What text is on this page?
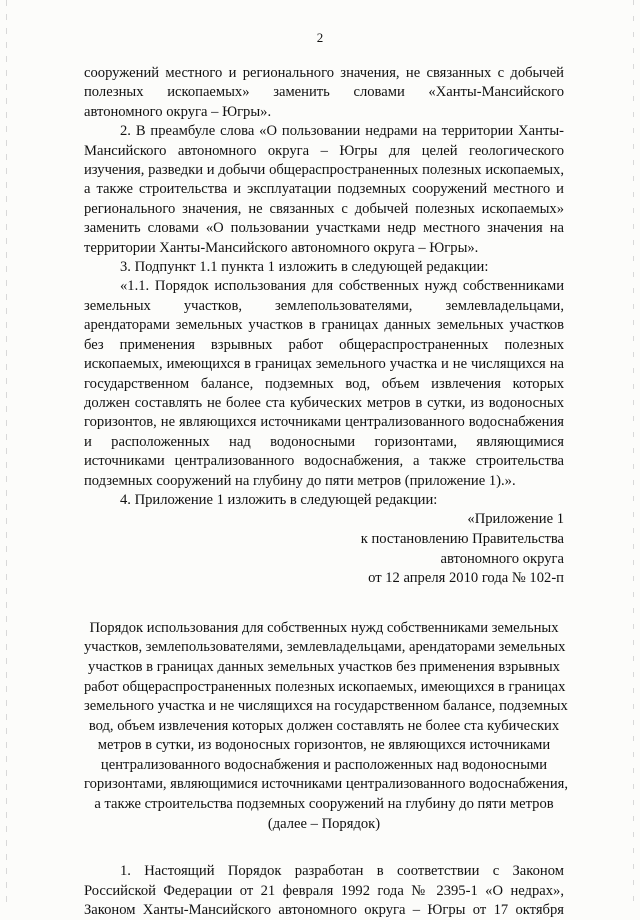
2

сооружений местного и регионального значения, не связанных с добычей полезных ископаемых» заменить словами «Ханты-Мансийского автономного округа – Югры».

2. В преамбуле слова «О пользовании недрами на территории Ханты-Мансийского автономного округа – Югры для целей геологического изучения, разведки и добычи общераспространенных полезных ископаемых, а также строительства и эксплуатации подземных сооружений местного и регионального значения, не связанных с добычей полезных ископаемых» заменить словами «О пользовании участками недр местного значения на территории Ханты-Мансийского автономного округа – Югры».

3. Подпункт 1.1 пункта 1 изложить в следующей редакции:

«1.1. Порядок использования для собственных нужд собственниками земельных участков, землепользователями, землевладельцами, арендаторами земельных участков в границах данных земельных участков без применения взрывных работ общераспространенных полезных ископаемых, имеющихся в границах земельного участка и не числящихся на государственном балансе, подземных вод, объем извлечения которых должен составлять не более ста кубических метров в сутки, из водоносных горизонтов, не являющихся источниками централизованного водоснабжения и расположенных над водоносными горизонтами, являющимися источниками централизованного водоснабжения, а также строительства подземных сооружений на глубину до пяти метров (приложение 1).».

4. Приложение 1 изложить в следующей редакции:

«Приложение 1
к постановлению Правительства
автономного округа
от 12 апреля 2010 года № 102-п
Порядок использования для собственных нужд собственниками земельных
участков, землепользователями, землевладельцами, арендаторами земельных
участков в границах данных земельных участков без применения взрывных
работ общераспространенных полезных ископаемых, имеющихся в границах
земельного участка и не числящихся на государственном балансе, подземных
вод, объем извлечения которых должен составлять не более ста кубических
метров в сутки, из водоносных горизонтов, не являющихся источниками
централизованного водоснабжения и расположенных над водоносными
горизонтами, являющимися источниками централизованного водоснабжения,
а также строительства подземных сооружений на глубину до пяти метров
(далее – Порядок)

1. Настоящий Порядок разработан в соответствии с Законом Российской Федерации от 21 февраля 1992 года № 2395-1 «О недрах», Законом Ханты-Мансийского автономного округа – Югры от 17 октября
